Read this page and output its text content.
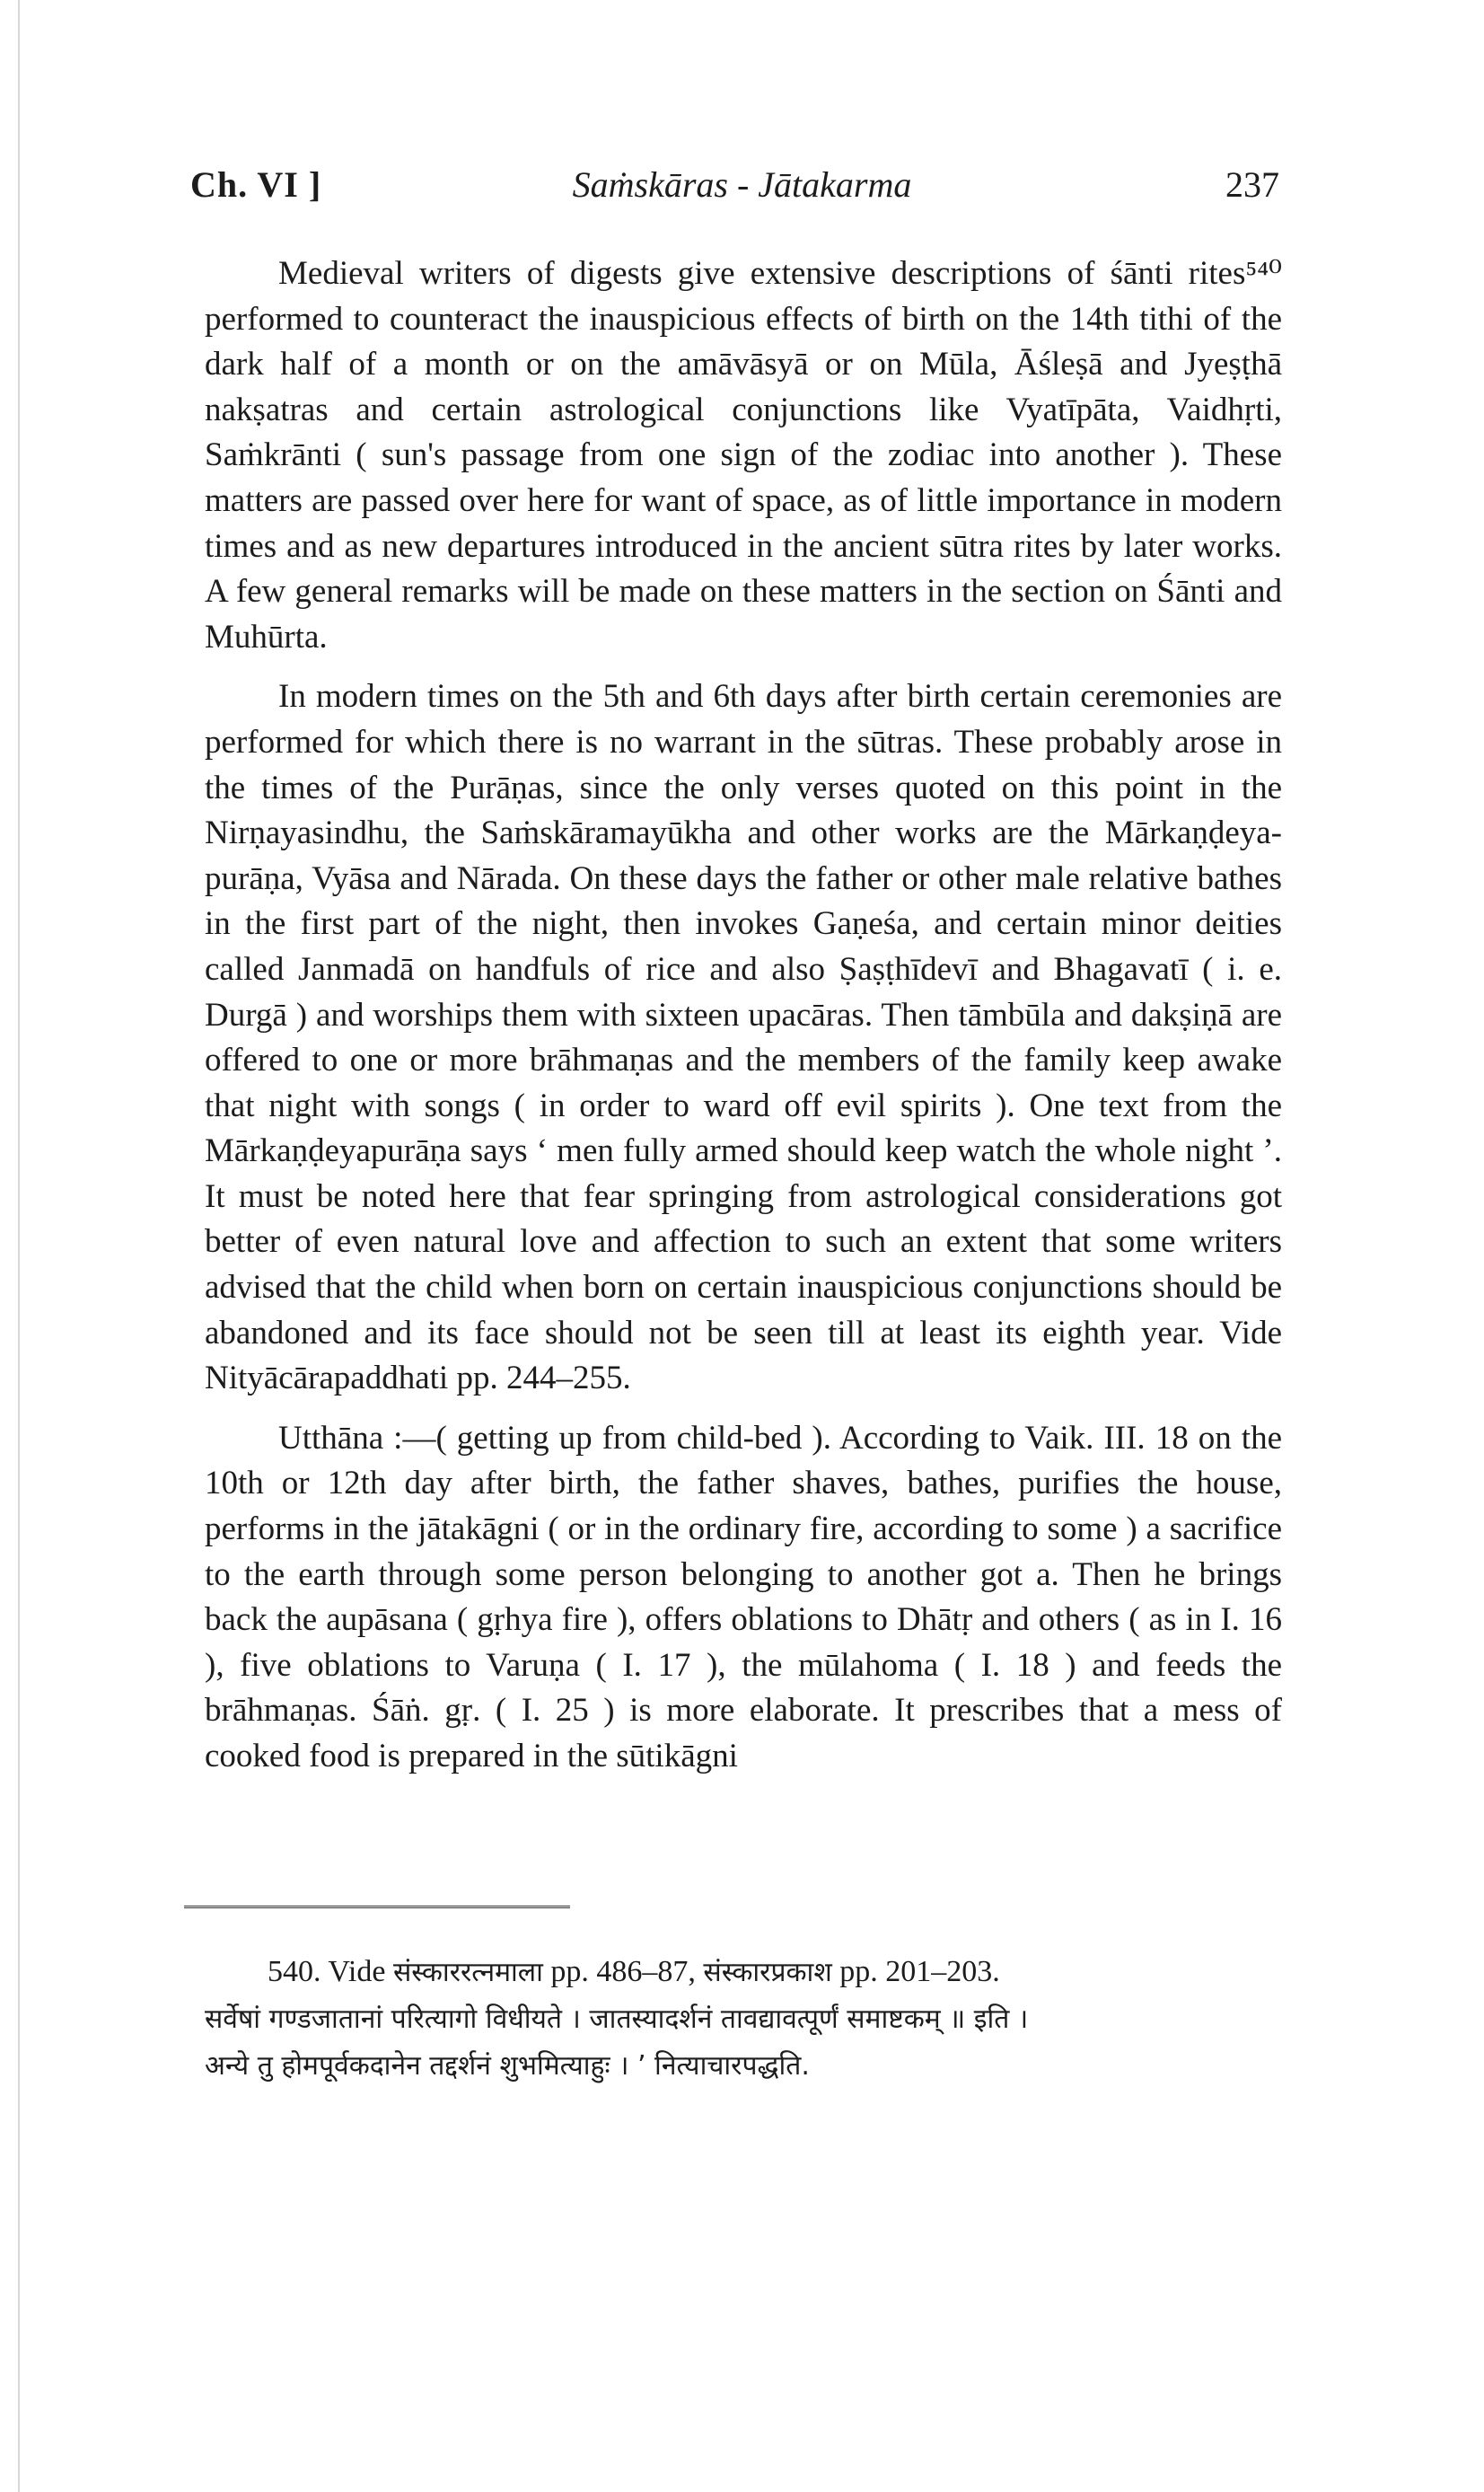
Ch. VI ]	Saṁskāras - Jātakarma	237

Medieval writers of digests give extensive descriptions of śānti rites⁵⁴⁰ performed to counteract the inauspicious effects of birth on the 14th tithi of the dark half of a month or on the amāvāsyā or on Mūla, Āśleṣā and Jyeṣṭhā nakṣatras and certain astrological conjunctions like Vyatīpāta, Vaidhṛti, Saṁkrānti ( sun's passage from one sign of the zodiac into another ). These matters are passed over here for want of space, as of little importance in modern times and as new departures introduced in the ancient sūtra rites by later works. A few general remarks will be made on these matters in the section on Śānti and Muhūrta.

In modern times on the 5th and 6th days after birth certain ceremonies are performed for which there is no warrant in the sūtras. These probably arose in the times of the Purāṇas, since the only verses quoted on this point in the Nirṇayasindhu, the Saṁskāramayūkha and other works are the Mārkaṇḍeya-purāṇa, Vyāsa and Nārada. On these days the father or other male relative bathes in the first part of the night, then invokes Gaṇeśa, and certain minor deities called Janmadā on handfuls of rice and also Ṣaṣṭhīdevī and Bhagavatī ( i. e. Durgā ) and worships them with sixteen upacāras. Then tāmbūla and dakṣiṇā are offered to one or more brāhmaṇas and the members of the family keep awake that night with songs ( in order to ward off evil spirits ). One text from the Mārkaṇḍeyapurāṇa says ‘ men fully armed should keep watch the whole night ’. It must be noted here that fear springing from astrological considerations got better of even natural love and affection to such an extent that some writers advised that the child when born on certain inauspicious conjunctions should be abandoned and its face should not be seen till at least its eighth year. Vide Nityācārapaddhati pp. 244–255.

Utthāna :—( getting up from child-bed ). According to Vaik. III. 18 on the 10th or 12th day after birth, the father shaves, bathes, purifies the house, performs in the jātakāgni ( or in the ordinary fire, according to some ) a sacrifice to the earth through some person belonging to another got a. Then he brings back the aupāsana ( gṛhya fire ), offers oblations to Dhātṛ and others ( as in I. 16 ), five oblations to Varuṇa ( I. 17 ), the mūlahoma ( I. 18 ) and feeds the brāhmaṇas. Śāṅ. gṛ. ( I. 25 ) is more elaborate. It prescribes that a mess of cooked food is prepared in the sūtikāgni

540. Vide संस्काररत्नमाला pp. 486–87, संस्कारप्रकाश pp. 201–203.

सर्वेषां गण्डजातानां परित्यागो विधीयते । जातस्यादर्शनं तावद्यावत्पूर्णं समाष्टकम् ॥ इति ।

अन्ये तु होमपूर्वकदानेन तद्दर्शनं शुभमित्याहुः । ’ नित्याचारपद्धति.
